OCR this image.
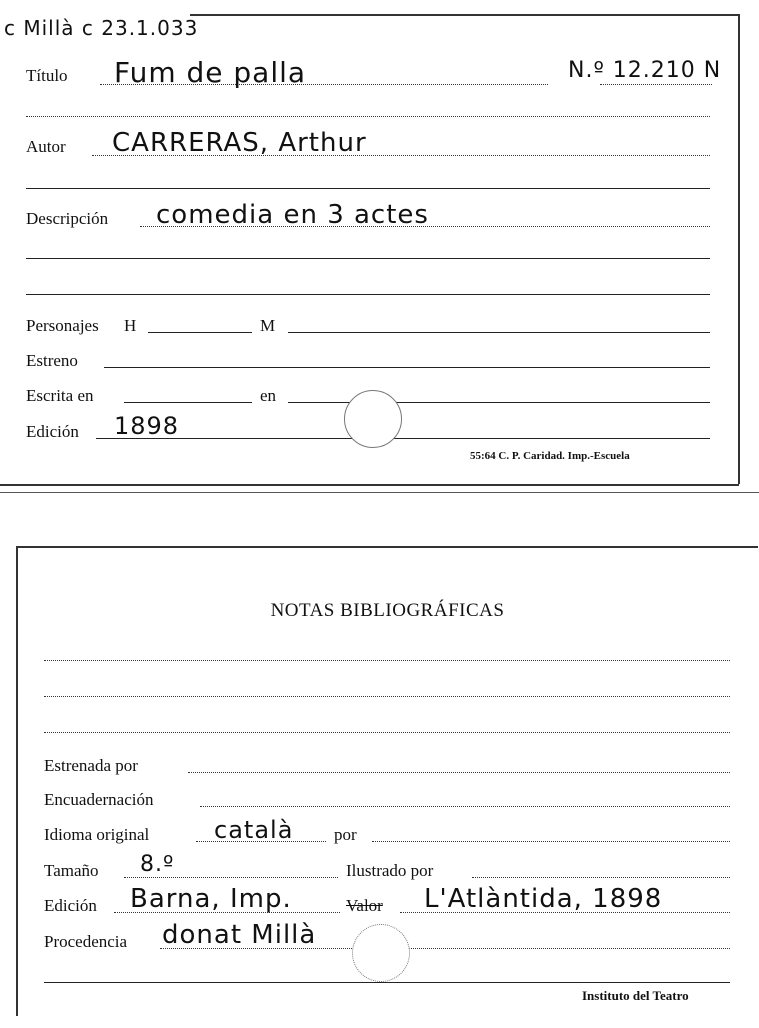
c Millà c 23.1.033
Título Fum de palla	N.º 12.210 N
Autor CARRERAS, Arthur
Descripción comedia en 3 actes
Personajes H	M
Estreno
Escrita en	en
Edición 1898
55:64 C. P. Caridad. Imp.-Escuela
NOTAS BIBLIOGRÁFICAS
Estrenada por
Encuadernación
Idioma original	català por
Tamaño 8.º	Ilustrado por
Edición Barna, Imp.	Valor L'Atlàntida, 1898
Procedencia donat Millà
Instituto del Teatro
